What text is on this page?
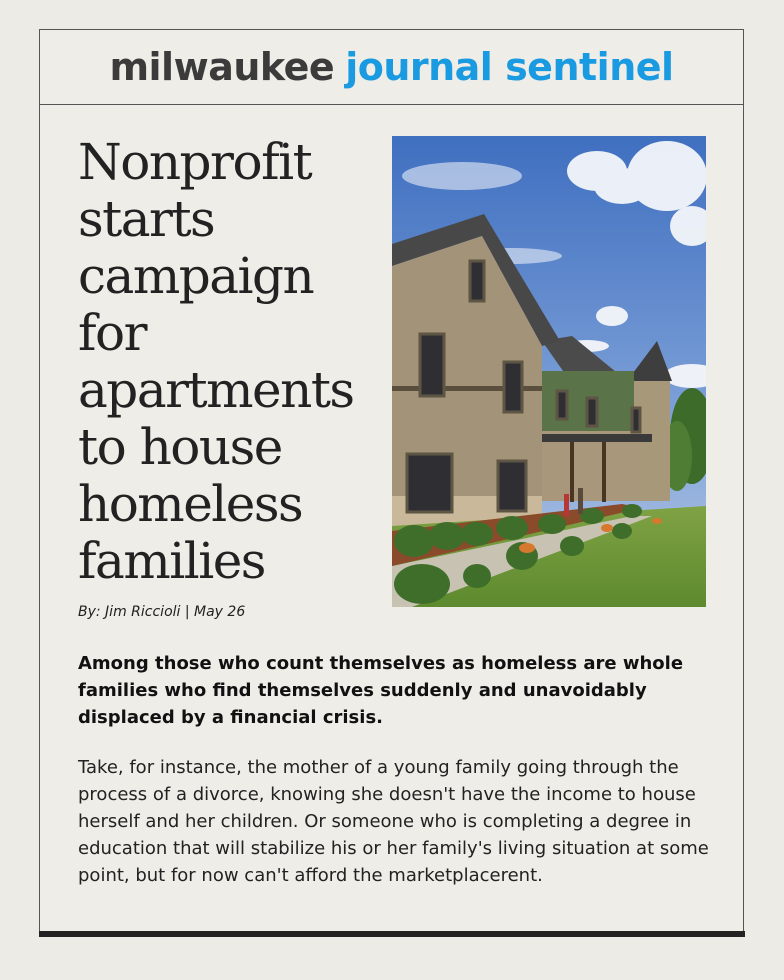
milwaukee journal sentinel
Nonprofit starts campaign for apartments to house homeless families
By: Jim Riccioli | May 26

Among those who count themselves as homeless are whole families who find themselves suddenly and unavoidably displaced by a financial crisis.

Take, for instance, the mother of a young family going through the process of a divorce, knowing she doesn't have the income to house herself and her children. Or someone who is completing a degree in education that will stabilize his or her family's living situation at some point, but for now can't afford the marketplacerent.
